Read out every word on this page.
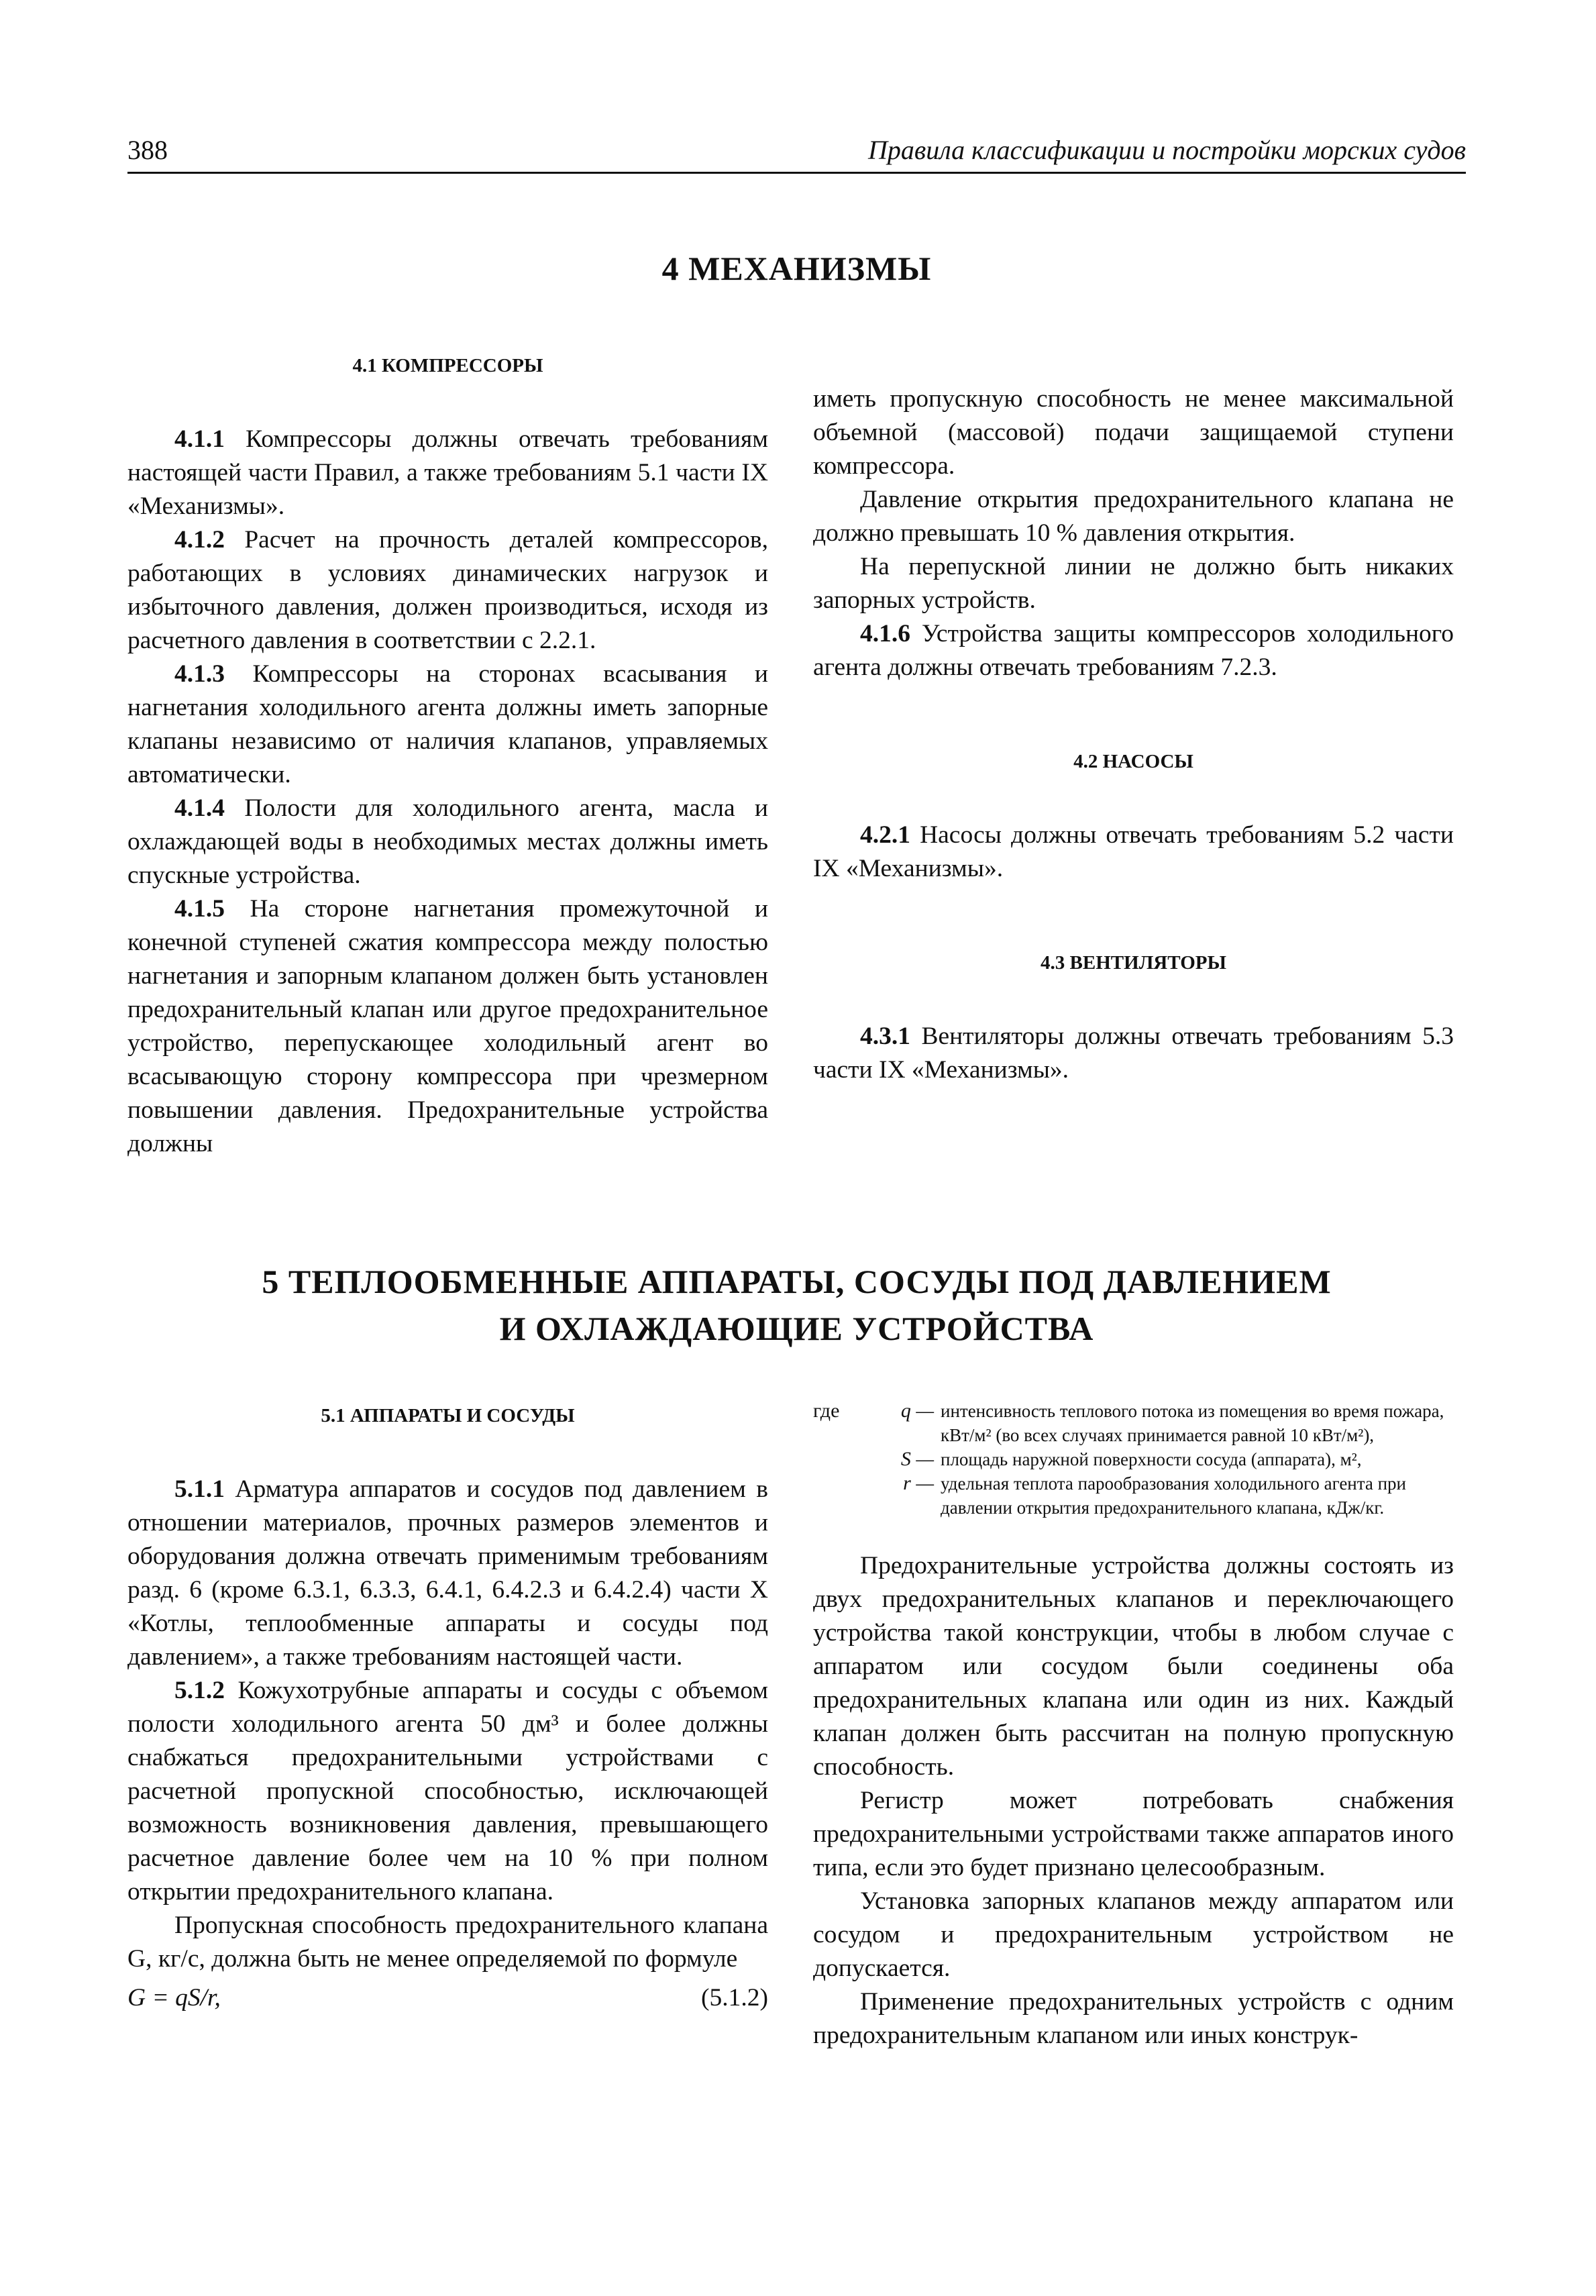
388	Правила классификации и постройки морских судов
4 МЕХАНИЗМЫ
4.1 КОМПРЕССОРЫ

4.1.1 Компрессоры должны отвечать требованиям настоящей части Правил, а также требованиям 5.1 части IX «Механизмы».

4.1.2 Расчет на прочность деталей компрессоров, работающих в условиях динамических нагрузок и избыточного давления, должен производиться, исходя из расчетного давления в соответствии с 2.2.1.

4.1.3 Компрессоры на сторонах всасывания и нагнетания холодильного агента должны иметь запорные клапаны независимо от наличия клапанов, управляемых автоматически.

4.1.4 Полости для холодильного агента, масла и охлаждающей воды в необходимых местах должны иметь спускные устройства.

4.1.5 На стороне нагнетания промежуточной и конечной ступеней сжатия компрессора между полостью нагнетания и запорным клапаном должен быть установлен предохранительный клапан или другое предохранительное устройство, перепускающее холодильный агент во всасывающую сторону компрессора при чрезмерном повышении давления. Предохранительные устройства должны

иметь пропускную способность не менее максимальной объемной (массовой) подачи защищаемой ступени компрессора.

Давление открытия предохранительного клапана не должно превышать 10 % давления открытия.

На перепускной линии не должно быть никаких запорных устройств.

4.1.6 Устройства защиты компрессоров холодильного агента должны отвечать требованиям 7.2.3.

4.2 НАСОСЫ

4.2.1 Насосы должны отвечать требованиям 5.2 части IX «Механизмы».

4.3 ВЕНТИЛЯТОРЫ

4.3.1 Вентиляторы должны отвечать требованиям 5.3 части IX «Механизмы».

5 ТЕПЛООБМЕННЫЕ АППАРАТЫ, СОСУДЫ ПОД ДАВЛЕНИЕМ
И ОХЛАЖДАЮЩИЕ УСТРОЙСТВА
5.1 АППАРАТЫ И СОСУДЫ

5.1.1 Арматура аппаратов и сосудов под давлением в отношении материалов, прочных размеров элементов и оборудования должна отвечать применимым требованиям разд. 6 (кроме 6.3.1, 6.3.3, 6.4.1, 6.4.2.3 и 6.4.2.4) части X «Котлы, теплообменные аппараты и сосуды под давлением», а также требованиям настоящей части.

5.1.2 Кожухотрубные аппараты и сосуды с объемом полости холодильного агента 50 дм³ и более должны снабжаться предохранительными устройствами с расчетной пропускной способностью, исключающей возможность возникновения давления, превышающего расчетное давление более чем на 10 % при полном открытии предохранительного клапана.

Пропускная способность предохранительного клапана G, кг/с, должна быть не менее определяемой по формуле

G = qS/r,	(5.1.2)
где	q — интенсивность теплового потока из помещения во время пожара, кВт/м² (во всех случаях принимается равной 10 кВт/м²),
S — площадь наружной поверхности сосуда (аппарата), м²,
r — удельная теплота парообразования холодильного агента при давлении открытия предохранительного клапана, кДж/кг.

Предохранительные устройства должны состоять из двух предохранительных клапанов и переключающего устройства такой конструкции, чтобы в любом случае с аппаратом или сосудом были соединены оба предохранительных клапана или один из них. Каждый клапан должен быть рассчитан на полную пропускную способность.

Регистр может потребовать снабжения предохранительными устройствами также аппаратов иного типа, если это будет признано целесообразным.

Установка запорных клапанов между аппаратом или сосудом и предохранительным устройством не допускается.

Применение предохранительных устройств с одним предохранительным клапаном или иных конструк-
